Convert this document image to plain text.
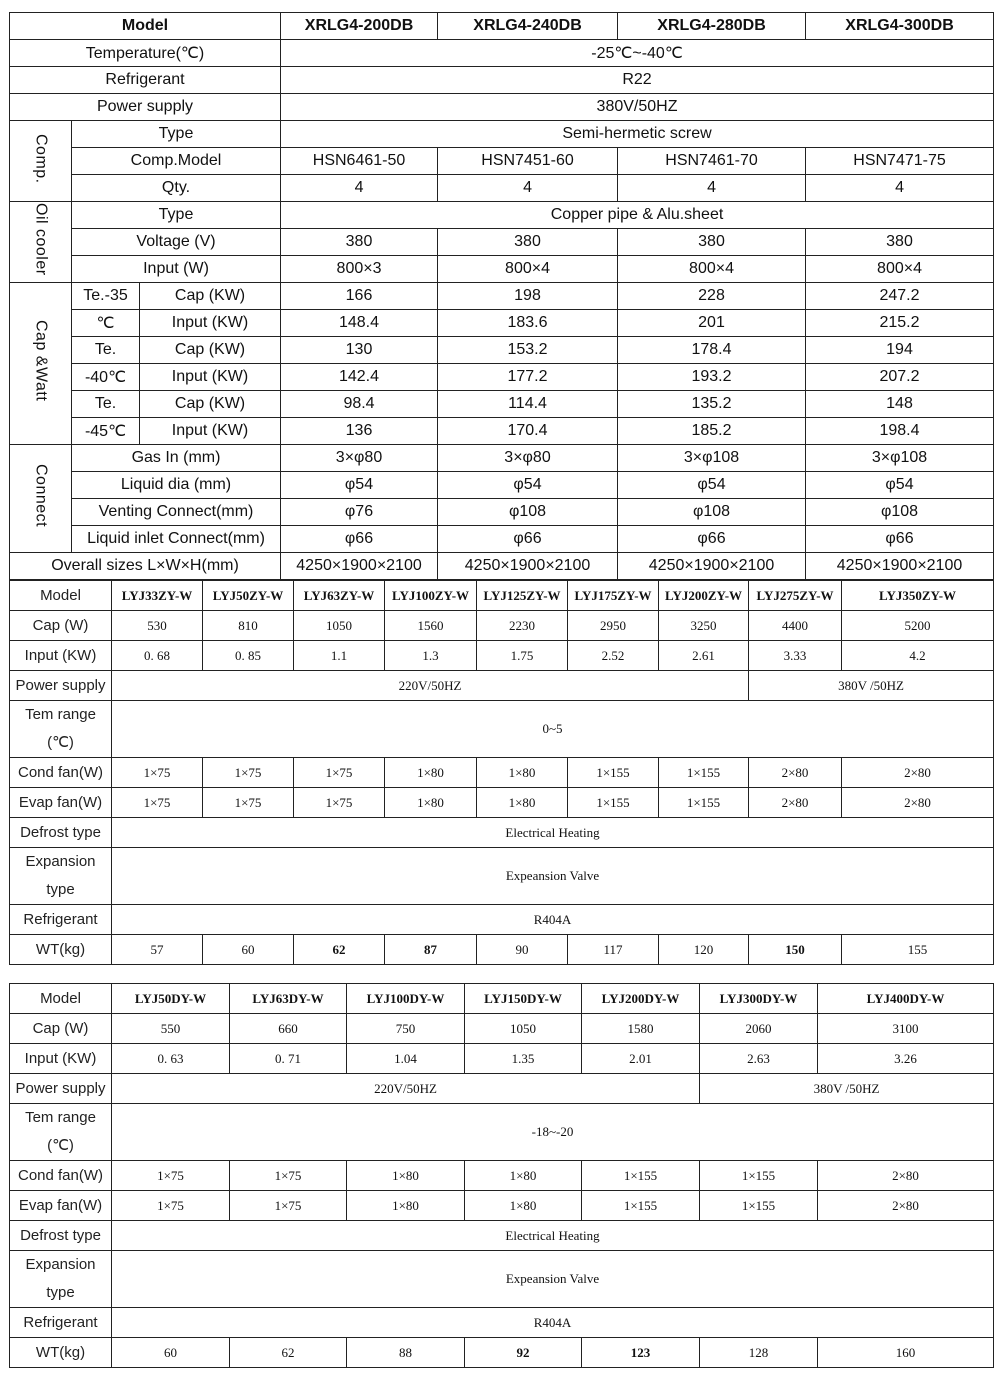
Model			XRLG4-200DB	XRLG4-240DB	XRLG4-280DB	XRLG4-300DB
Temperature(℃)			-25℃~-40℃			
Refrigerant			R22			
Power supply			380V/50HZ			
Comp.	Type		Semi-hermetic screw			
	Comp.Model		HSN6461-50	HSN7451-60	HSN7461-70	HSN7471-75
	Qty.		4	4	4	4
Oil cooler	Type		Copper pipe & Alu.sheet			
	Voltage (V)		380	380	380	380
	Input (W)		800×3	800×4	800×4	800×4
Cap &Watt	Te.-35	Cap (KW)	166	198	228	247.2
	℃	Input (KW)	148.4	183.6	201	215.2
	Te.	Cap (KW)	130	153.2	178.4	194
	-40℃	Input (KW)	142.4	177.2	193.2	207.2
	Te.	Cap (KW)	98.4	114.4	135.2	148
	-45℃	Input (KW)	136	170.4	185.2	198.4
Connect	Gas In (mm)		3×φ80	3×φ80	3×φ108	3×φ108
	Liquid dia (mm)		φ54	φ54	φ54	φ54
	Venting Connect(mm)		φ76	φ108	φ108	φ108
	Liquid inlet Connect(mm)		φ66	φ66	φ66	φ66
Overall sizes L×W×H(mm)			4250×1900×2100	4250×1900×2100	4250×1900×2100	4250×1900×2100
Model	LYJ33ZY-W	LYJ50ZY-W	LYJ63ZY-W	LYJ100ZY-W	LYJ125ZY-W	LYJ175ZY-W	LYJ200ZY-W	LYJ275ZY-W	LYJ350ZY-W
Cap (W)	530	810	1050	1560	2230	2950	3250	4400	5200
Input (KW)	0. 68	0. 85	1.1	1.3	1.75	2.52	2.61	3.33	4.2
Power supply	220V/50HZ							380V /50HZ	
Tem range
(℃)	0~5								
Cond fan(W)	1×75	1×75	1×75	1×80	1×80	1×155	1×155	2×80	2×80
Evap fan(W)	1×75	1×75	1×75	1×80	1×80	1×155	1×155	2×80	2×80
Defrost type	Electrical Heating								
Expansion
type	Expeansion Valve								
Refrigerant	R404A								
WT(kg)	57	60	62	87	90	117	120	150	155
Model	LYJ50DY-W	LYJ63DY-W	LYJ100DY-W	LYJ150DY-W	LYJ200DY-W	LYJ300DY-W	LYJ400DY-W
Cap (W)	550	660	750	1050	1580	2060	3100
Input (KW)	0. 63	0. 71	1.04	1.35	2.01	2.63	3.26
Power supply	220V/50HZ					380V /50HZ	
Tem range
(℃)	-18~-20						
Cond fan(W)	1×75	1×75	1×80	1×80	1×155	1×155	2×80
Evap fan(W)	1×75	1×75	1×80	1×80	1×155	1×155	2×80
Defrost type	Electrical Heating						
Expansion
type	Expeansion Valve						
Refrigerant	R404A						
WT(kg)	60	62	88	92	123	128	160
